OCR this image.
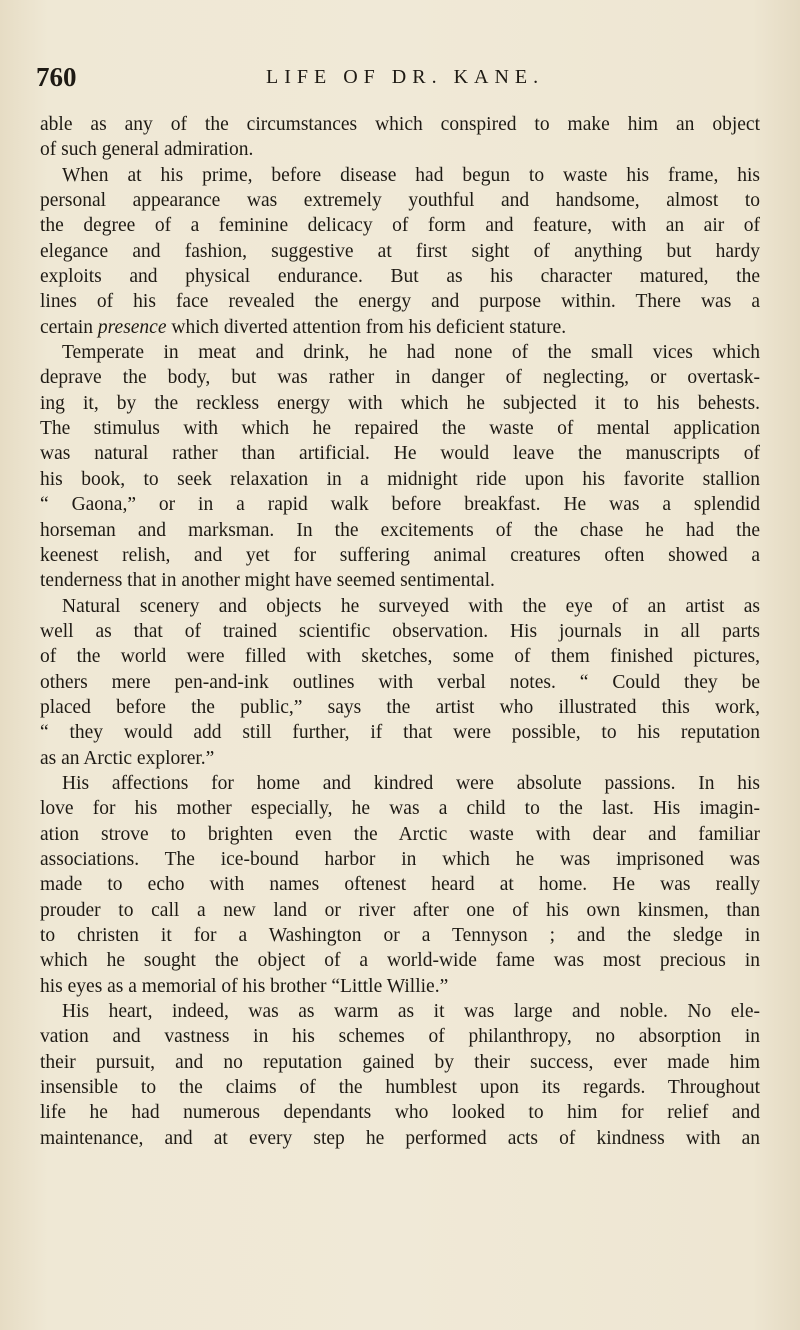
760	LIFE OF DR. KANE.
able as any of the circumstances which conspired to make him an object
of such general admiration.
When at his prime, before disease had begun to waste his frame, his
personal appearance was extremely youthful and handsome, almost to
the degree of a feminine delicacy of form and feature, with an air of
elegance and fashion, suggestive at first sight of anything but hardy
exploits and physical endurance. But as his character matured, the
lines of his face revealed the energy and purpose within. There was a
certain presence which diverted attention from his deficient stature.
Temperate in meat and drink, he had none of the small vices which
deprave the body, but was rather in danger of neglecting, or overtask-
ing it, by the reckless energy with which he subjected it to his behests.
The stimulus with which he repaired the waste of mental application
was natural rather than artificial. He would leave the manuscripts of
his book, to seek relaxation in a midnight ride upon his favorite stallion
“ Gaona,” or in a rapid walk before breakfast. He was a splendid
horseman and marksman. In the excitements of the chase he had the
keenest relish, and yet for suffering animal creatures often showed a
tenderness that in another might have seemed sentimental.
Natural scenery and objects he surveyed with the eye of an artist as
well as that of trained scientific observation. His journals in all parts
of the world were filled with sketches, some of them finished pictures,
others mere pen-and-ink outlines with verbal notes. “ Could they be
placed before the public,” says the artist who illustrated this work,
“ they would add still further, if that were possible, to his reputation
as an Arctic explorer.”
His affections for home and kindred were absolute passions. In his
love for his mother especially, he was a child to the last. His imagin-
ation strove to brighten even the Arctic waste with dear and familiar
associations. The ice-bound harbor in which he was imprisoned was
made to echo with names oftenest heard at home. He was really
prouder to call a new land or river after one of his own kinsmen, than
to christen it for a Washington or a Tennyson ; and the sledge in
which he sought the object of a world-wide fame was most precious in
his eyes as a memorial of his brother “Little Willie.”
His heart, indeed, was as warm as it was large and noble. No ele-
vation and vastness in his schemes of philanthropy, no absorption in
their pursuit, and no reputation gained by their success, ever made him
insensible to the claims of the humblest upon its regards. Throughout
life he had numerous dependants who looked to him for relief and
maintenance, and at every step he performed acts of kindness with an
